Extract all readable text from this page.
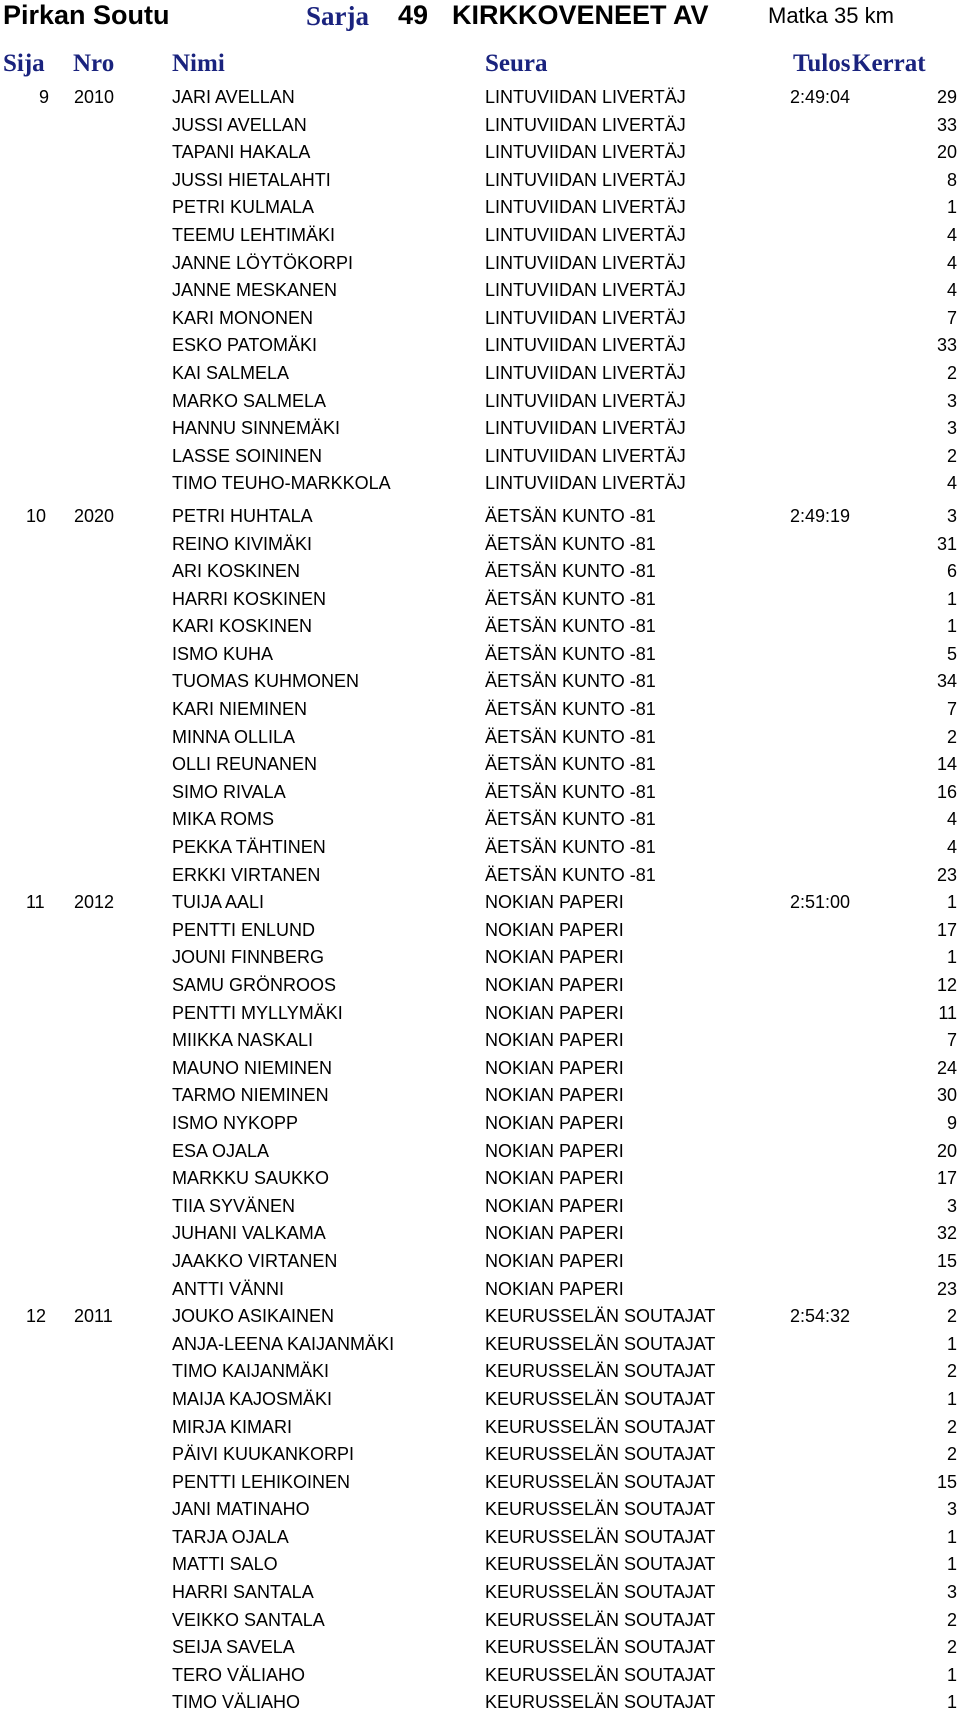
Pirkan Soutu	Sarja 49 KIRKKOVENEET AV	Matka 35 km
Sija Nro Nimi	Seura	Tulos Kerrat
9	2010	JARI AVELLAN	LINTUVIIDAN LIVERTÄJ	2:49:04	29
JUSSI AVELLAN	LINTUVIIDAN LIVERTÄJ	33
TAPANI HAKALA	LINTUVIIDAN LIVERTÄJ	20
JUSSI HIETALAHTI	LINTUVIIDAN LIVERTÄJ	8
PETRI KULMALA	LINTUVIIDAN LIVERTÄJ	1
TEEMU LEHTIMÄKI	LINTUVIIDAN LIVERTÄJ	4
JANNE LÖYTÖKORPI	LINTUVIIDAN LIVERTÄJ	4
JANNE MESKANEN	LINTUVIIDAN LIVERTÄJ	4
KARI MONONEN	LINTUVIIDAN LIVERTÄJ	7
ESKO PATOMÄKI	LINTUVIIDAN LIVERTÄJ	33
KAI SALMELA	LINTUVIIDAN LIVERTÄJ	2
MARKO SALMELA	LINTUVIIDAN LIVERTÄJ	3
HANNU SINNEMÄKI	LINTUVIIDAN LIVERTÄJ	3
LASSE SOININEN	LINTUVIIDAN LIVERTÄJ	2
TIMO TEUHO-MARKKOLA	LINTUVIIDAN LIVERTÄJ	4
10	2020	PETRI HUHTALA	ÄETSÄN KUNTO -81	2:49:19	3
REINO KIVIMÄKI	ÄETSÄN KUNTO -81	31
ARI KOSKINEN	ÄETSÄN KUNTO -81	6
HARRI KOSKINEN	ÄETSÄN KUNTO -81	1
KARI KOSKINEN	ÄETSÄN KUNTO -81	1
ISMO KUHA	ÄETSÄN KUNTO -81	5
TUOMAS KUHMONEN	ÄETSÄN KUNTO -81	34
KARI NIEMINEN	ÄETSÄN KUNTO -81	7
MINNA OLLILA	ÄETSÄN KUNTO -81	2
OLLI REUNANEN	ÄETSÄN KUNTO -81	14
SIMO RIVALA	ÄETSÄN KUNTO -81	16
MIKA ROMS	ÄETSÄN KUNTO -81	4
PEKKA TÄHTINEN	ÄETSÄN KUNTO -81	4
ERKKI VIRTANEN	ÄETSÄN KUNTO -81	23
11	2012	TUIJA AALI	NOKIAN PAPERI	2:51:00	1
PENTTI ENLUND	NOKIAN PAPERI	17
JOUNI FINNBERG	NOKIAN PAPERI	1
SAMU GRÖNROOS	NOKIAN PAPERI	12
PENTTI MYLLYMÄKI	NOKIAN PAPERI	11
MIIKKA NASKALI	NOKIAN PAPERI	7
MAUNO NIEMINEN	NOKIAN PAPERI	24
TARMO NIEMINEN	NOKIAN PAPERI	30
ISMO NYKOPP	NOKIAN PAPERI	9
ESA OJALA	NOKIAN PAPERI	20
MARKKU SAUKKO	NOKIAN PAPERI	17
TIIA SYVÄNEN	NOKIAN PAPERI	3
JUHANI VALKAMA	NOKIAN PAPERI	32
JAAKKO VIRTANEN	NOKIAN PAPERI	15
ANTTI VÄNNI	NOKIAN PAPERI	23
12	2011	JOUKO ASIKAINEN	KEURUSSELÄN SOUTAJAT	2:54:32	2
ANJA-LEENA KAIJANMÄKI	KEURUSSELÄN SOUTAJAT	1
TIMO KAIJANMÄKI	KEURUSSELÄN SOUTAJAT	2
MAIJA KAJOSMÄKI	KEURUSSELÄN SOUTAJAT	1
MIRJA KIMARI	KEURUSSELÄN SOUTAJAT	2
PÄIVI KUUKANKORPI	KEURUSSELÄN SOUTAJAT	2
PENTTI LEHIKOINEN	KEURUSSELÄN SOUTAJAT	15
JANI MATINAHO	KEURUSSELÄN SOUTAJAT	3
TARJA OJALA	KEURUSSELÄN SOUTAJAT	1
MATTI SALO	KEURUSSELÄN SOUTAJAT	1
HARRI SANTALA	KEURUSSELÄN SOUTAJAT	3
VEIKKO SANTALA	KEURUSSELÄN SOUTAJAT	2
SEIJA SAVELA	KEURUSSELÄN SOUTAJAT	2
TERO VÄLIAHO	KEURUSSELÄN SOUTAJAT	1
TIMO VÄLIAHO	KEURUSSELÄN SOUTAJAT	1
